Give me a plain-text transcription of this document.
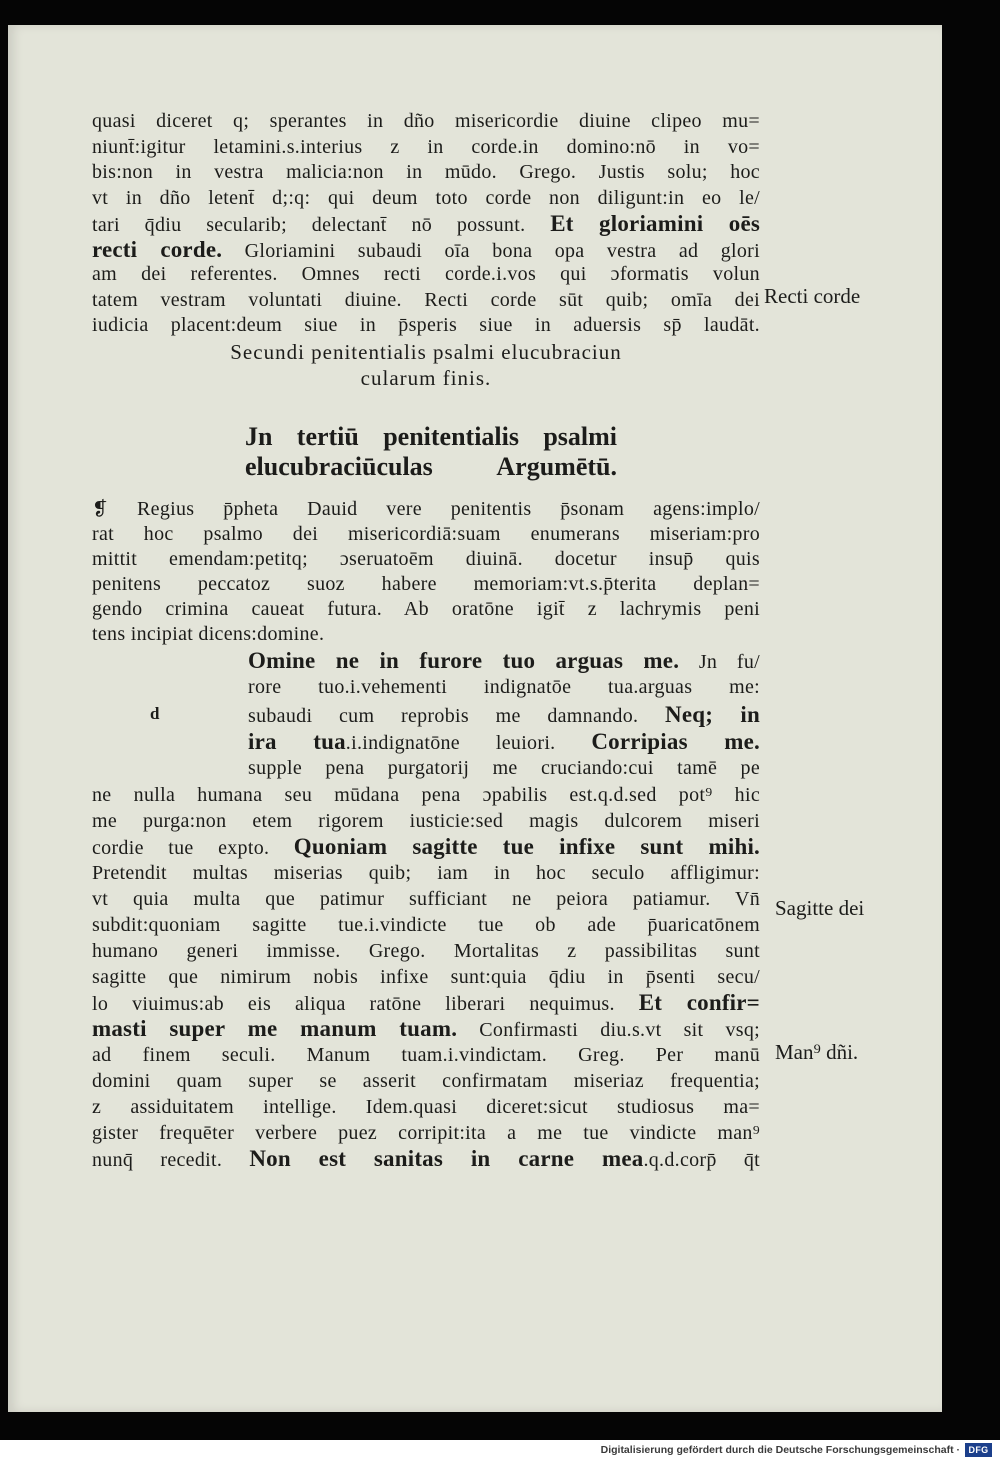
quasi diceret q; sperantes in dño misericordie diuine clipeo mu=
niunt̄:igitur letamini.s.interius z in corde.in domino:nō in vo=
bis:non in vestra malicia:non in mūdo. Grego. Justis solu; hoc
vt in dño letent̄ d;:q: qui deum toto corde non diligunt:in eo le/
tari q̄diu secularib; delectant̄ nō possunt. Et gloriamini oēs
recti corde. Gloriamini subaudi oīa bona opa vestra ad glori
am dei referentes. Omnes recti corde.i.vos qui ɔformatis volun
tatem vestram voluntati diuine. Recti corde sūt quib; omīa dei
iudicia placent:deum siue in p̄speris siue in aduersis sp̄ laudāt.
Secundi penitentialis psalmi elucubraciun
cularum finis.
Jn tertiū penitentialis psalmi
elucubraciūculas Argumētū.
❡ Regius p̄pheta Dauid vere penitentis p̄sonam agens:implo/
rat hoc psalmo dei misericordiā:suam enumerans miseriam:pro
mittit emendam:petitq; ɔseruatoēm diuinā. docetur insup̄ quis
penitens peccatoz suoz habere memoriam:vt.s.p̄terita deplan=
gendo crimina caueat futura. Ab oratōne igit̄ z lachrymis peni
tens incipiat dicens:domine.
d
Omine ne in furore tuo arguas me. Jn fu/
rore tuo.i.vehementi indignatōe tua.arguas me:
subaudi cum reprobis me damnando. Neq; in
ira tua.i.indignatōne leuiori. Corripias me.
supple pena purgatorij me cruciando:cui tamē pe
ne nulla humana seu mūdana pena ɔpabilis est.q.d.sed pot⁹ hic
me purga:non etem rigorem iusticie:sed magis dulcorem miseri
cordie tue expto. Quoniam sagitte tue infixe sunt mihi.
Pretendit multas miserias quib; iam in hoc seculo affligimur:
vt quia multa que patimur sufficiant ne peiora patiamur. Vn̄
subdit:quoniam sagitte tue.i.vindicte tue ob ade p̄uaricatōnem
humano generi immisse. Grego. Mortalitas z passibilitas sunt
sagitte que nimirum nobis infixe sunt:quia q̄diu in p̄senti secu/
lo viuimus:ab eis aliqua ratōne liberari nequimus. Et confir=
masti super me manum tuam. Confirmasti diu.s.vt sit vsq;
ad finem seculi. Manum tuam.i.vindictam. Greg. Per manū
domini quam super se asserit confirmatam miseriaz frequentia;
z assiduitatem intellige. Idem.quasi diceret:sicut studiosus ma=
gister frequēter verbere puez corripit:ita a me tue vindicte man⁹
nunq̄ recedit. Non est sanitas in carne mea.q.d.corp̄ q̄t
Recti corde
Sagitte dei
Man⁹ dñi.
Digitalisierung gefördert durch die Deutsche Forschungsgemeinschaft · DFG
